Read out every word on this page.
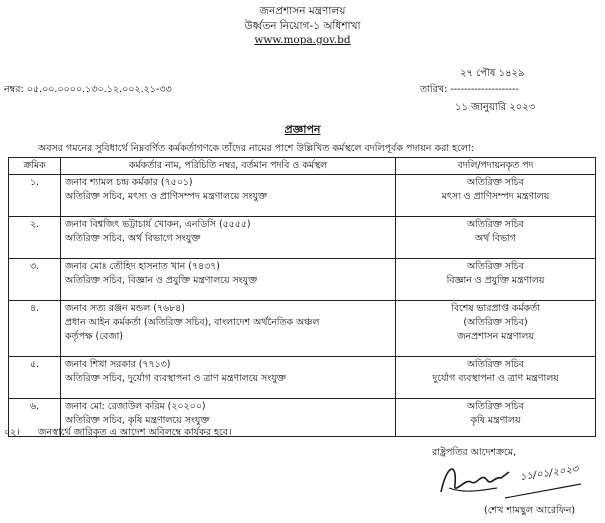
জনপ্রশাসন মন্ত্রণালয়
উর্ধ্বতন নিয়োগ-১ অধিশাখা
www.mopa.gov.bd
২৭ পৌষ ১৪২৯
নম্বর: ০৫.০০.০০০০.১৩০.১২.০০২.২১-৩৩	তারিখ: --------------------
১১ জানুয়ারি ২০২৩
প্রজ্ঞাপন
অবসর গমনের সুবিধার্থে নিম্নবর্ণিত কর্মকর্তাগণকে তাঁদের নামের পাশে উল্লিখিত কর্মস্থলে বদলিপূর্বক পদায়ন করা হলো:
ক্রমিক	কর্মকর্তার নাম, পরিচিতি নম্বর, বর্তমান পদবি ও কর্মস্থল	বদলি/পদায়নকৃত পদ
১.	জনাব শ্যামল চন্দ্র কর্মকার (৭৫০১)
অতিরিক্ত সচিব, মৎস্য ও প্রাণিসম্পদ মন্ত্রণালয়ে সংযুক্ত	অতিরিক্ত সচিব
মৎস্য ও প্রাণিসম্পদ মন্ত্রণালয়

২.	জনাব বিশ্বজিৎ ভট্টাচার্য খোকন, এনডিসি (৫৫৫৫)
অতিরিক্ত সচিব, অর্থ বিভাগে সংযুক্ত	অতিরিক্ত সচিব
অর্থ বিভাগ

৩.	জনাব মোঃ তৌহিদ হাসনাত খান (৭৪৩৭)
অতিরিক্ত সচিব, বিজ্ঞান ও প্রযুক্তি মন্ত্রণালয়ে সংযুক্ত	অতিরিক্ত সচিব
বিজ্ঞান ও প্রযুক্তি মন্ত্রণালয়

৪.	জনাব সত্য রঞ্জন মন্ডল (৭৬৮৪)
প্রধান আইন কর্মকর্তা (অতিরিক্ত সচিব), বাংলাদেশ অর্থনৈতিক অঞ্চল
কর্তৃপক্ষ (বেজা)	বিশেষ ভারপ্রাপ্ত কর্মকর্তা
(অতিরিক্ত সচিব)
জনপ্রশাসন মন্ত্রণালয়

৫.	জনাব শিখা সরকার (৭৭১৩)
অতিরিক্ত সচিব, দুর্যোগ ব্যবস্থাপনা ও ত্রাণ মন্ত্রণালয়ে সংযুক্ত	অতিরিক্ত সচিব
দুর্যোগ ব্যবস্থাপনা ও ত্রাণ মন্ত্রণালয়

৬.	জনাব মো: রেজাউল করিম (২০২০০)
অতিরিক্ত সচিব, কৃষি মন্ত্রণালয়ে সংযুক্ত	অতিরিক্ত সচিব
কৃষি মন্ত্রণালয়
০২। জনস্বার্থে জারিকৃত এ আদেশ অবিলম্বে কার্যকর হবে।
রাষ্ট্রপতির আদেশক্রমে,
১১/০১/২০২৩
(শেখ শামছুল আরেফিন)
